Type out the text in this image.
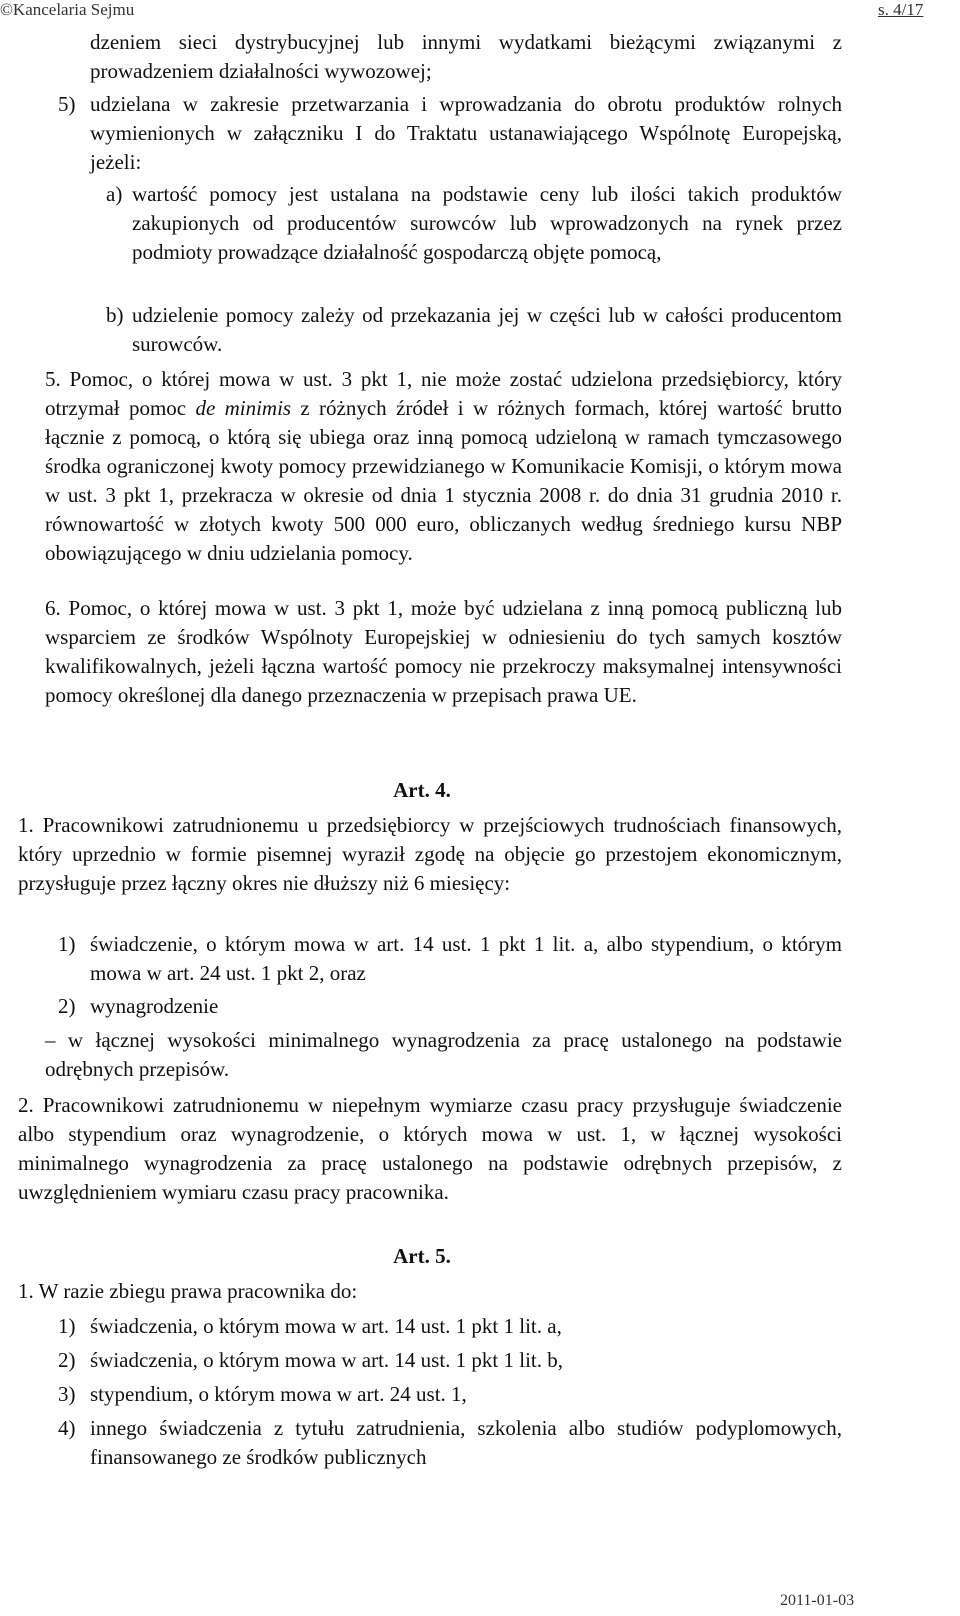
©Kancelaria Sejmu	s. 4/17

dzeniem sieci dystrybucyjnej lub innymi wydatkami bieżącymi związanymi z prowadzeniem działalności wywozowej;

5) udzielana w zakresie przetwarzania i wprowadzania do obrotu produktów rolnych wymienionych w załączniku I do Traktatu ustanawiającego Wspólnotę Europejską, jeżeli:

a) wartość pomocy jest ustalana na podstawie ceny lub ilości takich produktów zakupionych od producentów surowców lub wprowadzonych na rynek przez podmioty prowadzące działalność gospodarczą objęte pomocą,

b) udzielenie pomocy zależy od przekazania jej w części lub w całości producentom surowców.

5. Pomoc, o której mowa w ust. 3 pkt 1, nie może zostać udzielona przedsiębiorcy, który otrzymał pomoc de minimis z różnych źródeł i w różnych formach, której wartość brutto łącznie z pomocą, o którą się ubiega oraz inną pomocą udzieloną w ramach tymczasowego środka ograniczonej kwoty pomocy przewidzianego w Komunikacie Komisji, o którym mowa w ust. 3 pkt 1, przekracza w okresie od dnia 1 stycznia 2008 r. do dnia 31 grudnia 2010 r. równowartość w złotych kwoty 500 000 euro, obliczanych według średniego kursu NBP obowiązującego w dniu udzielania pomocy.

6. Pomoc, o której mowa w ust. 3 pkt 1, może być udzielana z inną pomocą publiczną lub wsparciem ze środków Wspólnoty Europejskiej w odniesieniu do tych samych kosztów kwalifikowalnych, jeżeli łączna wartość pomocy nie przekroczy maksymalnej intensywności pomocy określonej dla danego przeznaczenia w przepisach prawa UE.

Art. 4.

1. Pracownikowi zatrudnionemu u przedsiębiorcy w przejściowych trudnościach finansowych, który uprzednio w formie pisemnej wyraził zgodę na objęcie go przestojem ekonomicznym, przysługuje przez łączny okres nie dłuższy niż 6 miesięcy:

1) świadczenie, o którym mowa w art. 14 ust. 1 pkt 1 lit. a, albo stypendium, o którym mowa w art. 24 ust. 1 pkt 2, oraz

2) wynagrodzenie

– w łącznej wysokości minimalnego wynagrodzenia za pracę ustalonego na podstawie odrębnych przepisów.

2. Pracownikowi zatrudnionemu w niepełnym wymiarze czasu pracy przysługuje świadczenie albo stypendium oraz wynagrodzenie, o których mowa w ust. 1, w łącznej wysokości minimalnego wynagrodzenia za pracę ustalonego na podstawie odrębnych przepisów, z uwzględnieniem wymiaru czasu pracy pracownika.

Art. 5.

1. W razie zbiegu prawa pracownika do:

1) świadczenia, o którym mowa w art. 14 ust. 1 pkt 1 lit. a,

2) świadczenia, o którym mowa w art. 14 ust. 1 pkt 1 lit. b,

3) stypendium, o którym mowa w art. 24 ust. 1,

4) innego świadczenia z tytułu zatrudnienia, szkolenia albo studiów podyplomowych, finansowanego ze środków publicznych

2011-01-03
